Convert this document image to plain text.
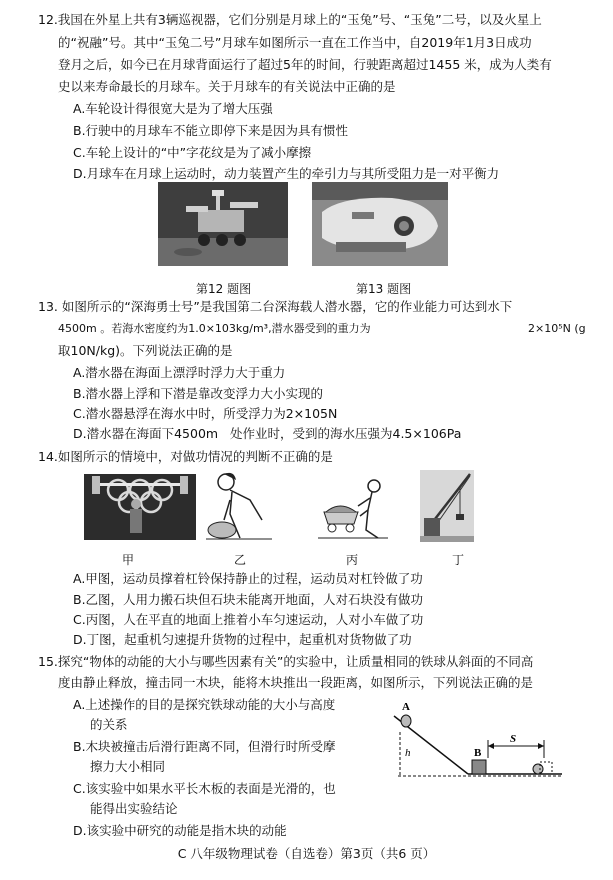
12.我国在外星上共有3辆巡视器，它们分别是月球上的“玉兔”号、“玉兔”二号，以及火星上
的“祝融”号。其中“玉兔二号”月球车如图所示一直在工作当中，自2019年1月3日成功
登月之后，如今已在月球背面运行了超过5年的时间，行驶距离超过1455 米，成为人类有
史以来寿命最长的月球车。关于月球车的有关说法中正确的是
A.车轮设计得很宽大是为了增大压强
B.行驶中的月球车不能立即停下来是因为具有惯性
C.车轮上设计的“中”字花纹是为了减小摩擦
D.月球车在月球上运动时，动力装置产生的牵引力与其所受阻力是一对平衡力
第12 题图	第13 题图
13. 如图所示的“深海勇士号”是我国第二台深海载人潜水器，它的作业能力可达到水下
4500m 。若海水密度约为1.0×103kg/m³,潜水器受到的重力为	2×10⁵N (g
取10N/kg)。下列说法正确的是
A.潜水器在海面上漂浮时浮力大于重力
B.潜水器上浮和下潜是靠改变浮力大小实现的
C.潜水器悬浮在海水中时，所受浮力为2×105N
D.潜水器在海面下4500m   处作业时，受到的海水压强为4.5×106Pa
14.如图所示的情境中，对做功情况的判断不正确的是
甲	乙	丙	丁
A.甲图，运动员撑着杠铃保持静止的过程，运动员对杠铃做了功
B.乙图，人用力搬石块但石块未能离开地面，人对石块没有做功
C.丙图，人在平直的地面上推着小车匀速运动，人对小车做了功
D.丁图，起重机匀速提升货物的过程中，起重机对货物做了功
15.探究“物体的动能的大小与哪些因素有关”的实验中，让质量相同的铁球从斜面的不同高
度由静止释放，撞击同一木块，能将木块推出一段距离，如图所示，下列说法正确的是
A.上述操作的目的是探究铁球动能的大小与高度
的关系
B.木块被撞击后滑行距离不同，但滑行时所受摩
擦力大小相同
C.该实验中如果水平长木板的表面是光滑的，也
能得出实验结论
D.该实验中研究的动能是指木块的动能
A
h	B
S
C 八年级物理试卷（自选卷）第3页（共6 页）
